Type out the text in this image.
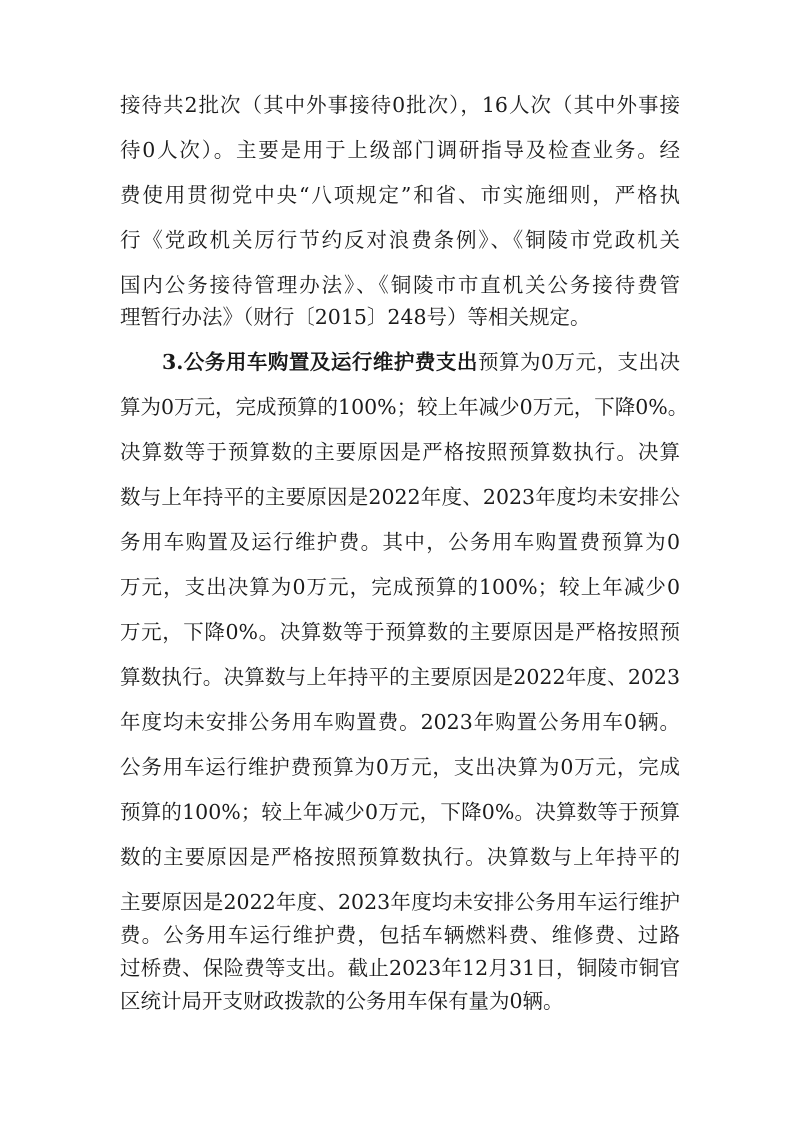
接待共2批次（其中外事接待0批次），16人次（其中外事接
待0人次）。主要是用于上级部门调研指导及检查业务。经
费使用贯彻党中央“八项规定”和省、市实施细则，严格执
行《党政机关厉行节约反对浪费条例》、《铜陵市党政机关
国内公务接待管理办法》、《铜陵市市直机关公务接待费管
理暂行办法》（财行〔2015〕248号）等相关规定。
3.公务用车购置及运行维护费支出预算为0万元，支出决
算为0万元，完成预算的100%；较上年减少0万元，下降0%。
决算数等于预算数的主要原因是严格按照预算数执行。决算
数与上年持平的主要原因是2022年度、2023年度均未安排公
务用车购置及运行维护费。其中，公务用车购置费预算为0
万元，支出决算为0万元，完成预算的100%；较上年减少0
万元，下降0%。决算数等于预算数的主要原因是严格按照预
算数执行。决算数与上年持平的主要原因是2022年度、2023
年度均未安排公务用车购置费。2023年购置公务用车0辆。
公务用车运行维护费预算为0万元，支出决算为0万元，完成
预算的100%；较上年减少0万元，下降0%。决算数等于预算
数的主要原因是严格按照预算数执行。决算数与上年持平的
主要原因是2022年度、2023年度均未安排公务用车运行维护
费。公务用车运行维护费，包括车辆燃料费、维修费、过路
过桥费、保险费等支出。截止2023年12月31日，铜陵市铜官
区统计局开支财政拨款的公务用车保有量为0辆。
